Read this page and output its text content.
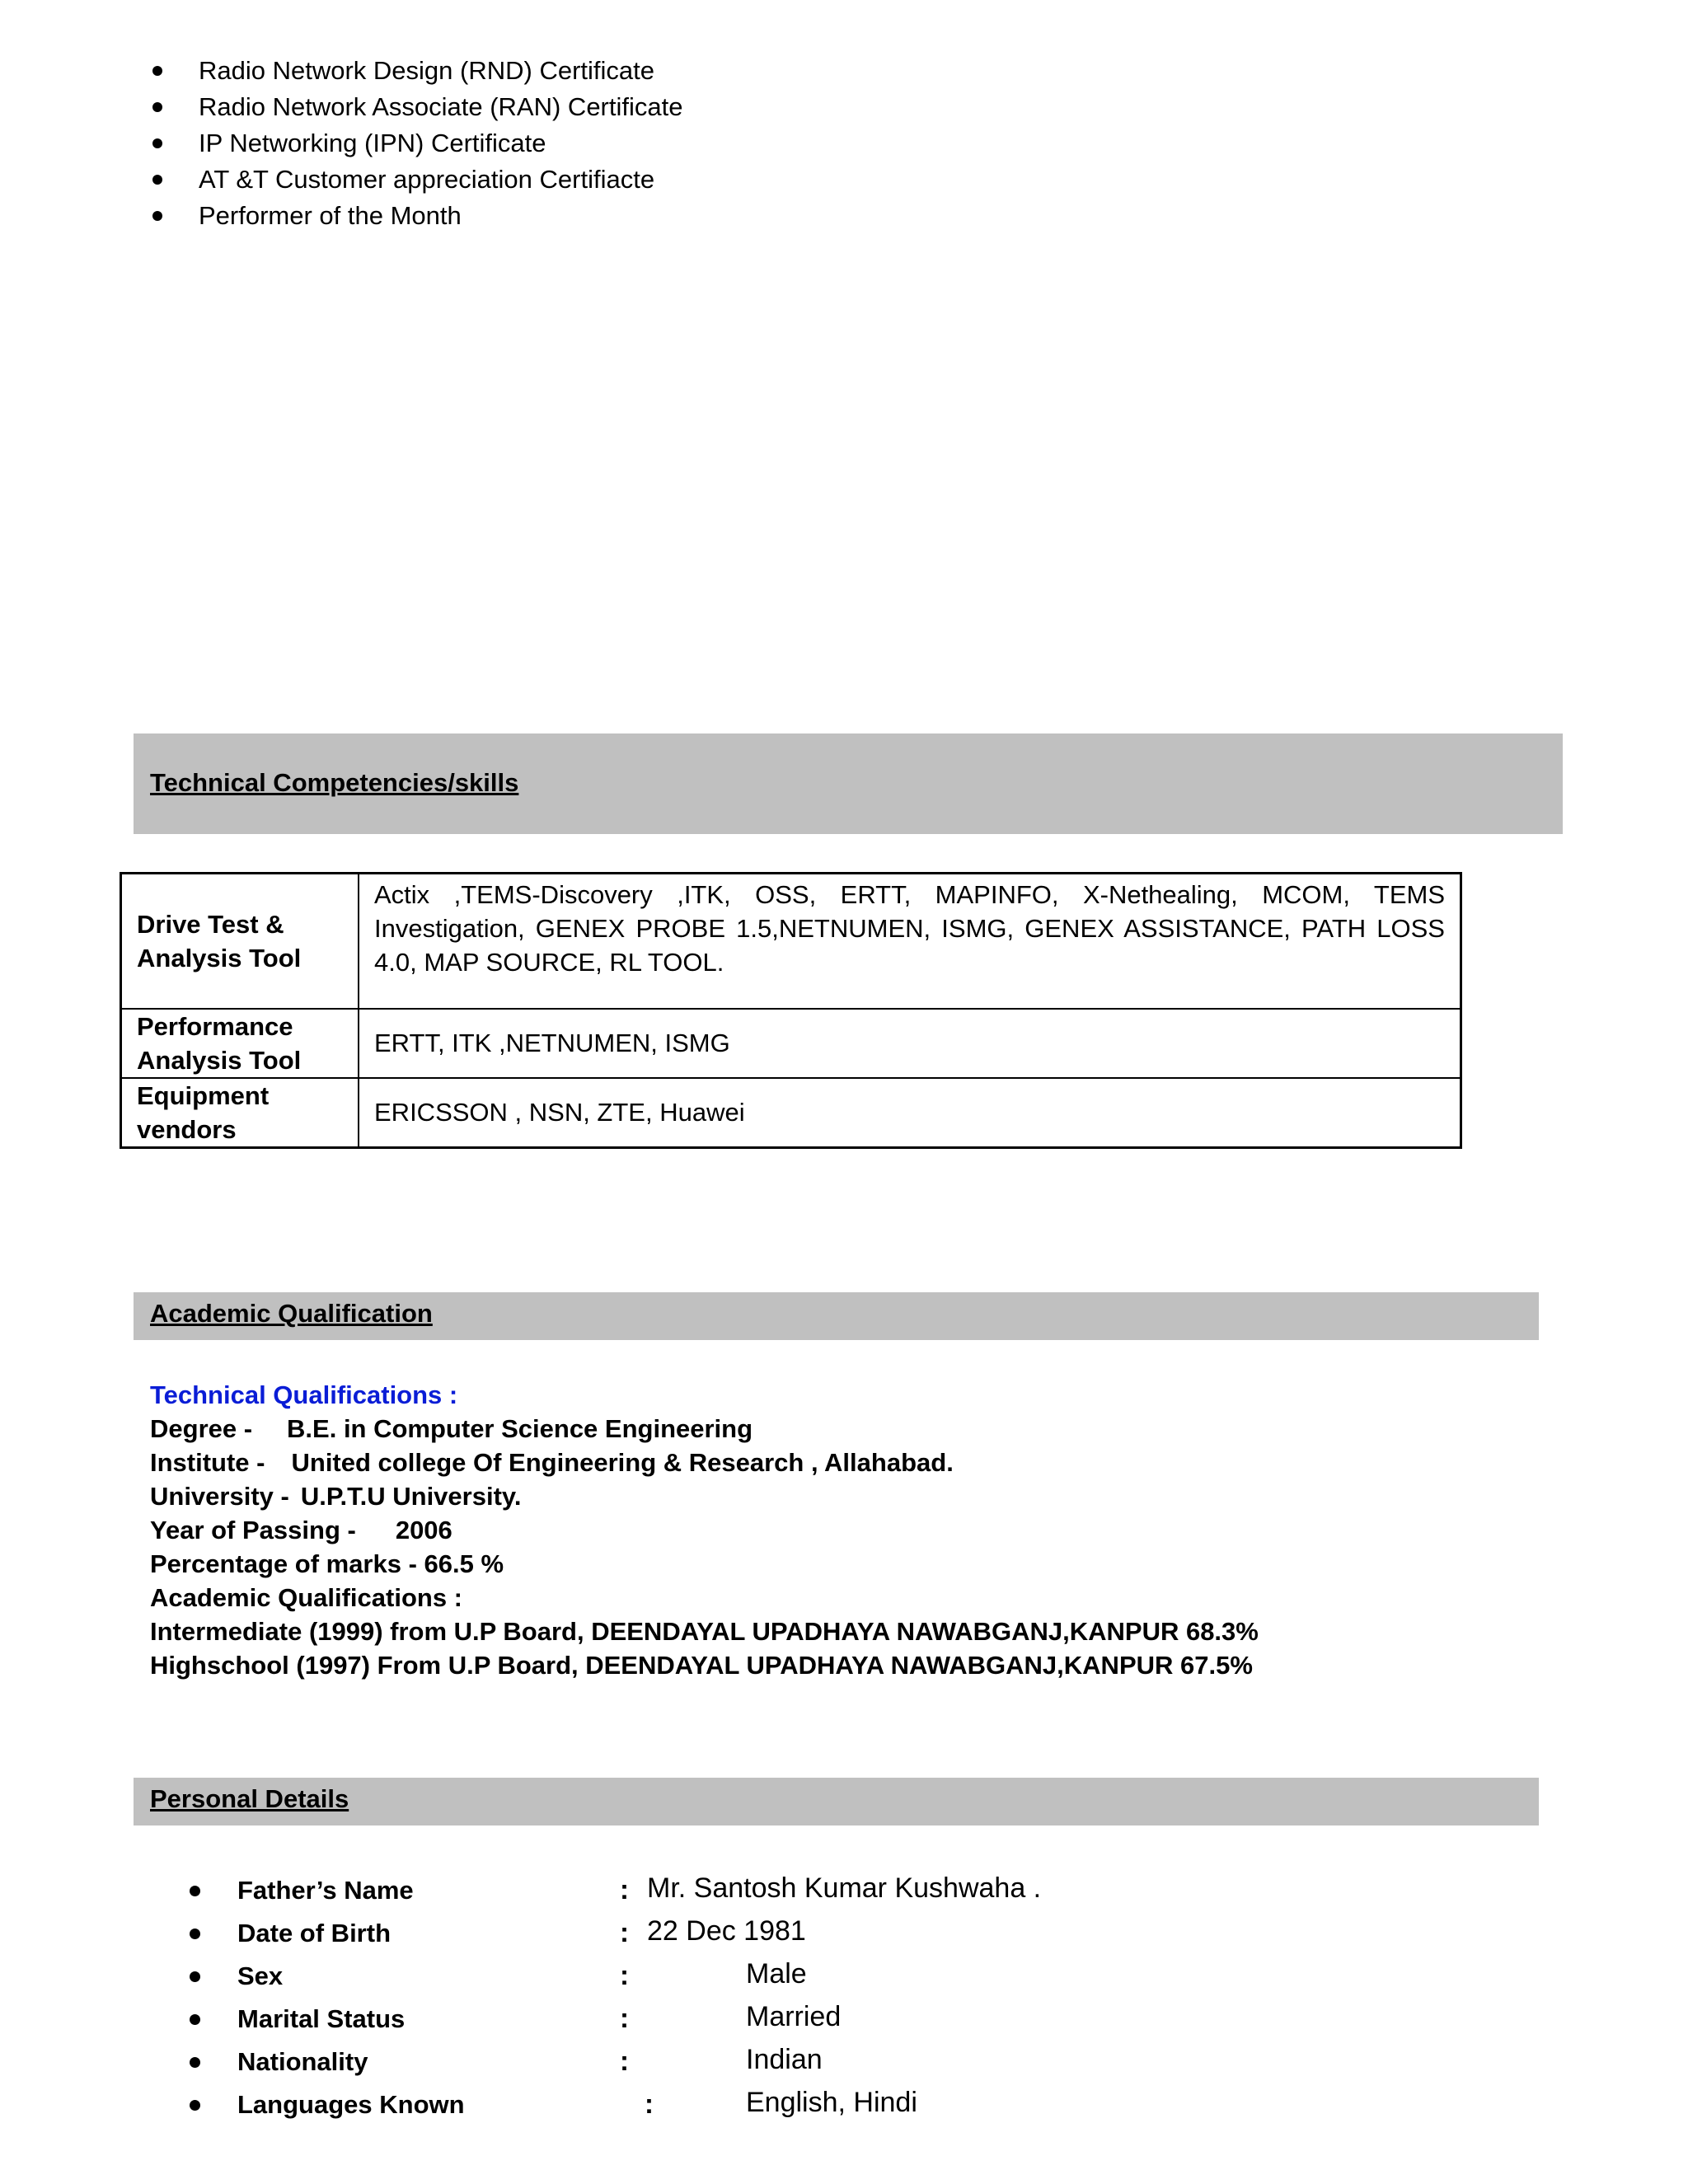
Radio Network Design (RND) Certificate
Radio Network Associate (RAN) Certificate
IP Networking (IPN) Certificate
AT &T Customer appreciation Certifiacte
Performer of the Month
Technical Competencies/skills
Drive Test & Analysis Tool	Actix ,TEMS-Discovery ,ITK, OSS, ERTT, MAPINFO, X-Nethealing, MCOM, TEMS Investigation, GENEX PROBE 1.5,NETNUMEN, ISMG, GENEX ASSISTANCE, PATH LOSS 4.0, MAP SOURCE, RL TOOL.
Performance Analysis Tool	ERTT, ITK ,NETNUMEN, ISMG
Equipment vendors	ERICSSON , NSN, ZTE, Huawei
Academic Qualification
Technical Qualifications :
Degree - B.E. in Computer Science Engineering
Institute - United college Of Engineering & Research , Allahabad.
University - U.P.T.U University.
Year of Passing - 2006
Percentage of marks - 66.5 %
Academic Qualifications :
Intermediate (1999) from U.P Board, DEENDAYAL UPADHAYA NAWABGANJ,KANPUR 68.3%
Highschool (1997) From U.P Board, DEENDAYAL UPADHAYA NAWABGANJ,KANPUR 67.5%
Personal Details
Father’s Name	: Mr. Santosh Kumar Kushwaha .
Date of Birth	: 22 Dec 1981
Sex	:	Male
Marital Status	:	Married
Nationality	:	Indian
Languages Known	:	English, Hindi
